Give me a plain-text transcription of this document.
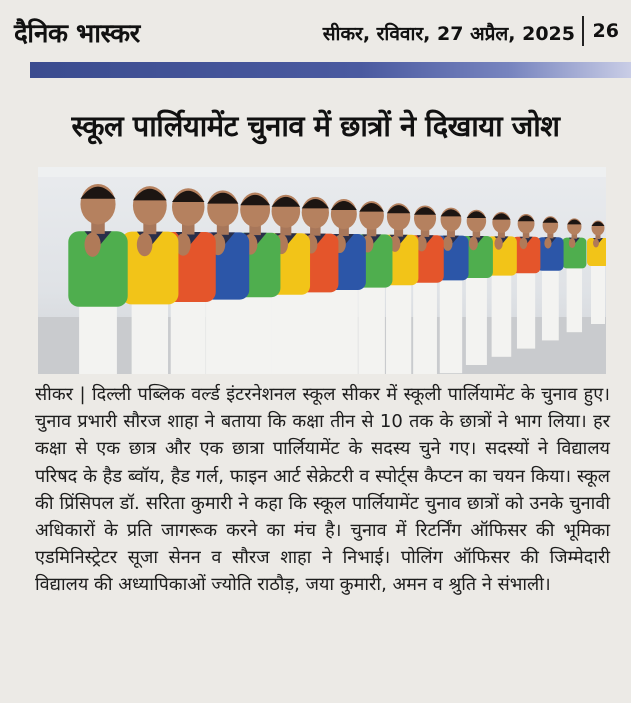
दैनिक भास्कर	सीकर, रविवार, 27 अप्रैल, 2025 26
स्कूल पार्लियामेंट चुनाव में छात्रों ने दिखाया जोश
सीकर | दिल्ली पब्लिक वर्ल्ड इंटरनेशनल स्कूल सीकर में स्कूली पार्लियामेंट के चुनाव हुए। चुनाव प्रभारी सौरज शाहा ने बताया कि कक्षा तीन से 10 तक के छात्रों ने भाग लिया। हर कक्षा से एक छात्र और एक छात्रा पार्लियामेंट के सदस्य चुने गए। सदस्यों ने विद्यालय परिषद के हैड ब्वॉय, हैड गर्ल, फाइन आर्ट सेक्रेटरी व स्पोर्ट्स कैप्टन का चयन किया। स्कूल की प्रिंसिपल डॉ. सरिता कुमारी ने कहा कि स्कूल पार्लियामेंट चुनाव छात्रों को उनके चुनावी अधिकारों के प्रति जागरूक करने का मंच है। चुनाव में रिटर्निंग ऑफिसर की भूमिका एडमिनिस्ट्रेटर सूजा सेनन व सौरज शाहा ने निभाई। पोलिंग ऑफिसर की जिम्मेदारी विद्यालय की अध्यापिकाओं ज्योति राठौड़, जया कुमारी, अमन व श्रुति ने संभाली।
